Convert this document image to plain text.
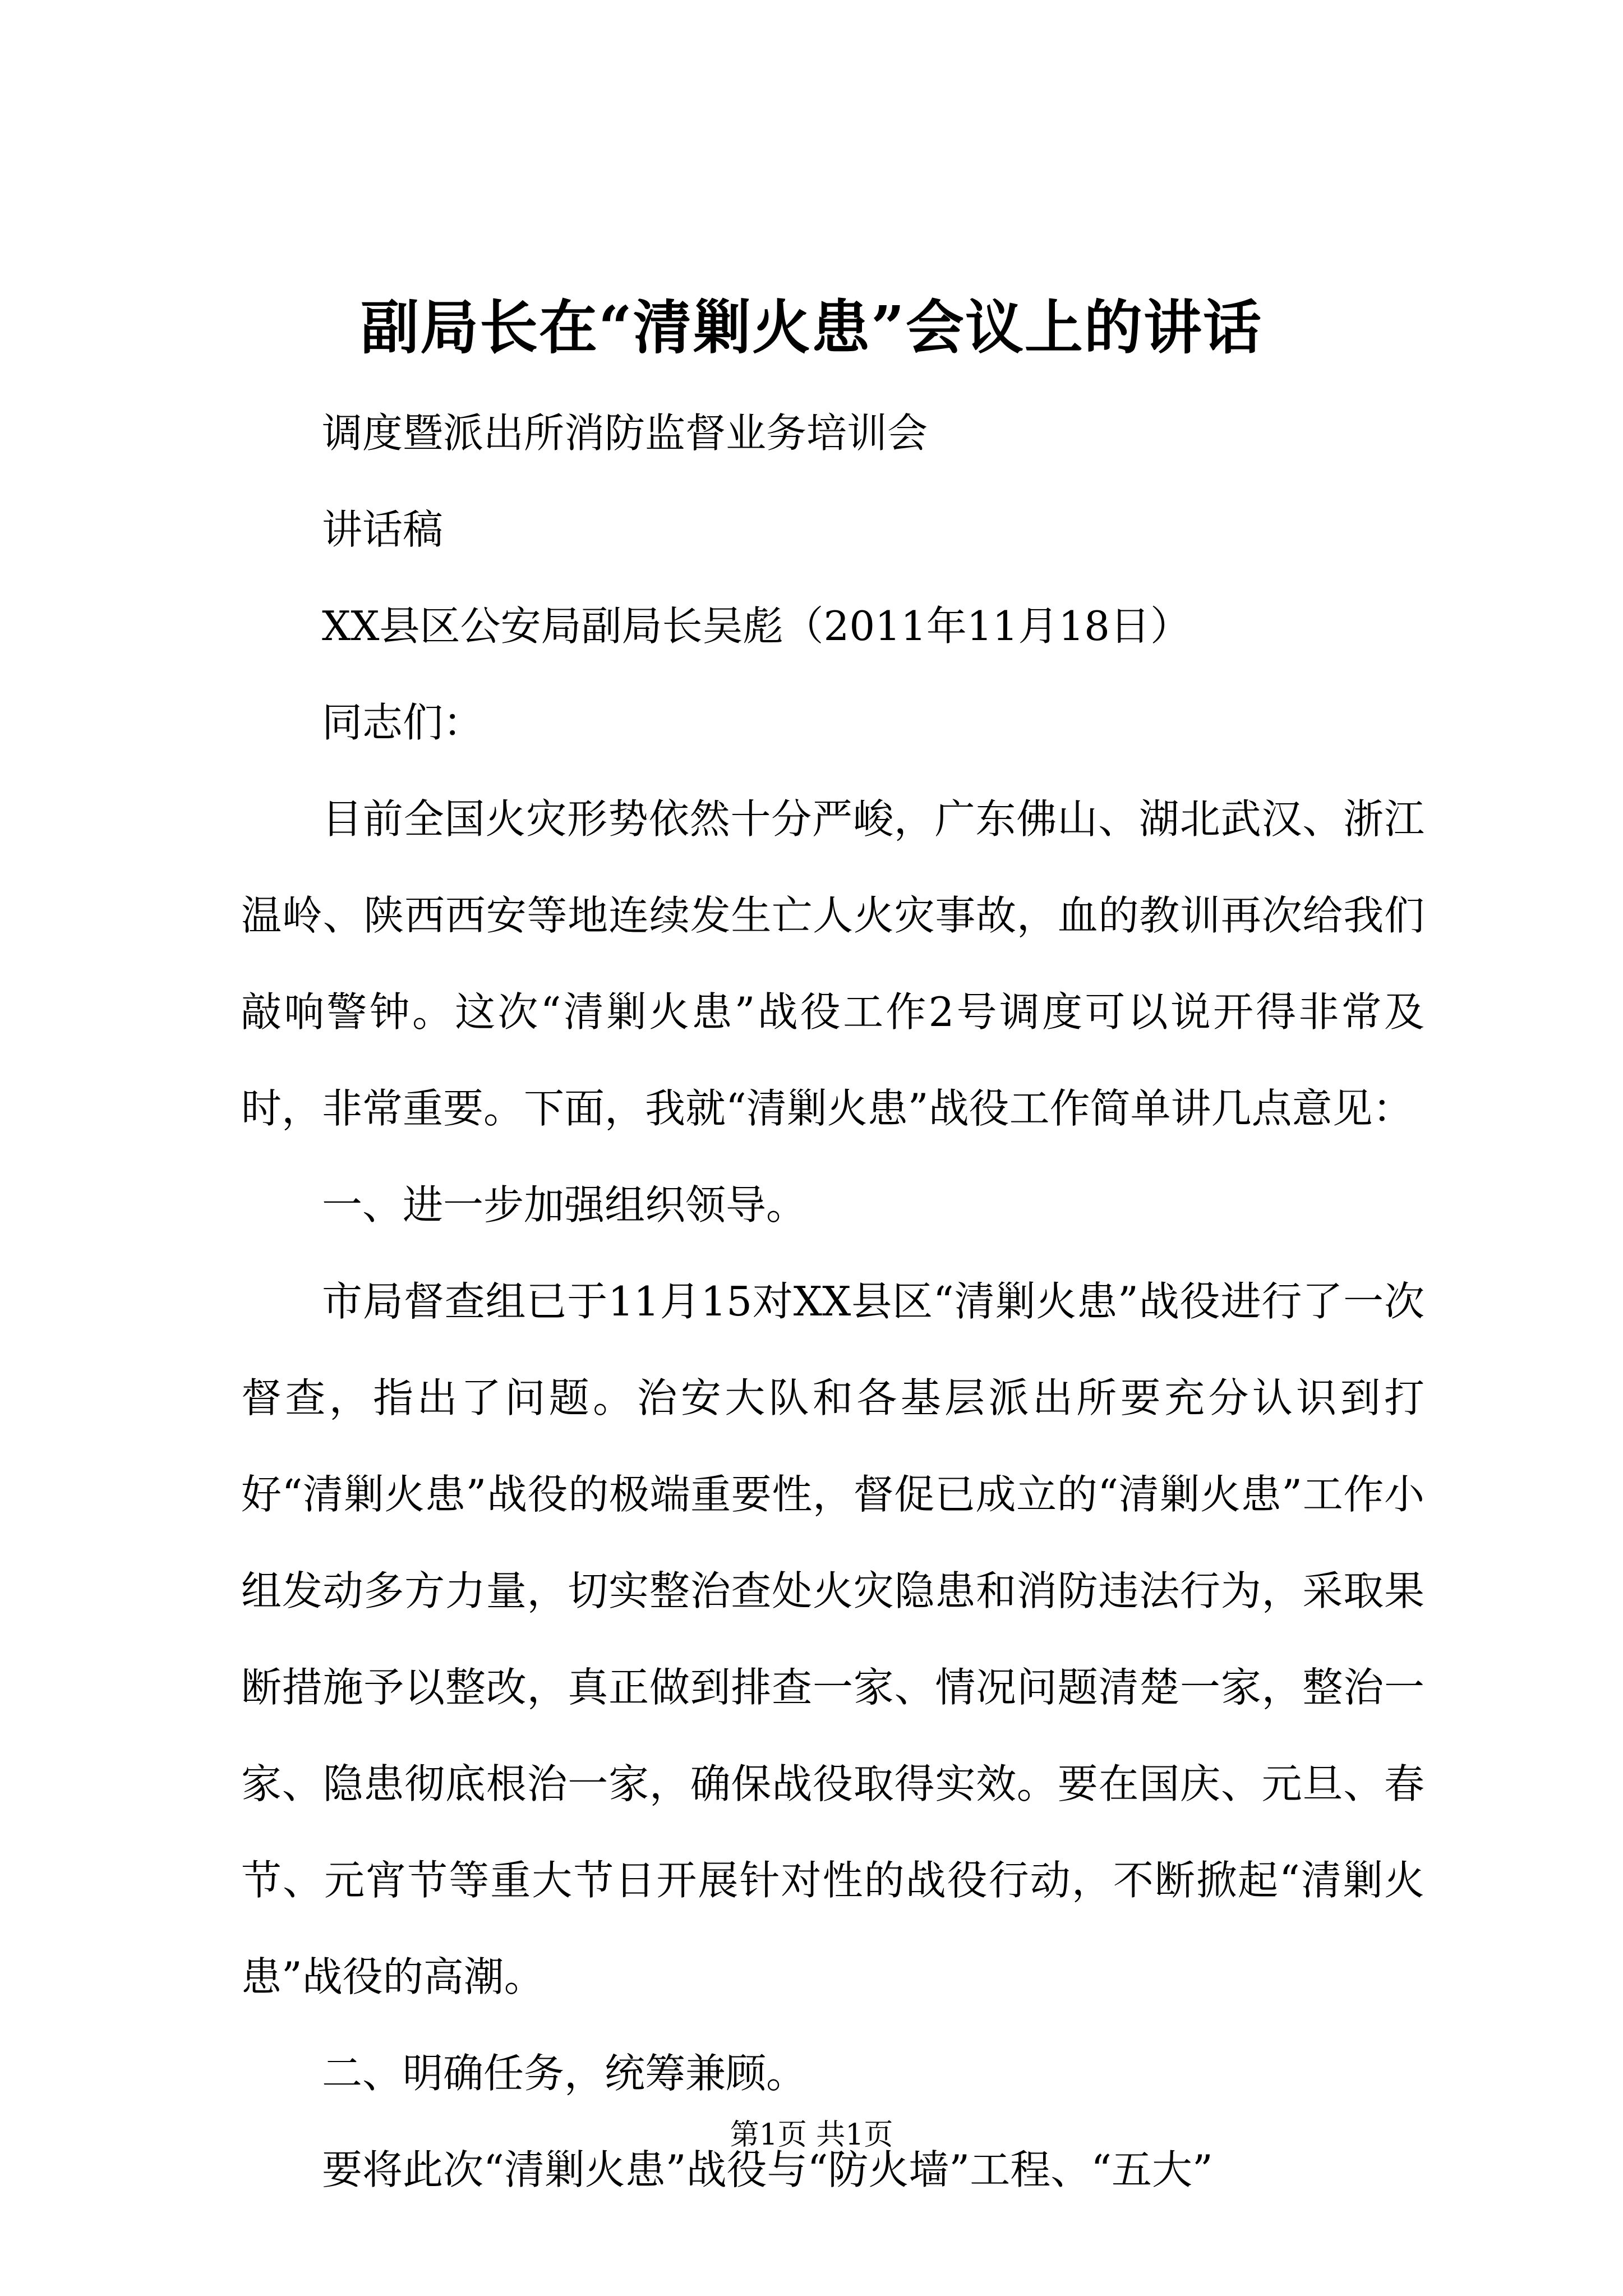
副局长在“清剿火患”会议上的讲话

调度暨派出所消防监督业务培训会

讲话稿

XX县区公安局副局长吴彪（2011年11月18日）

同志们：

目前全国火灾形势依然十分严峻，广东佛山、湖北武汉、浙江温岭、陕西西安等地连续发生亡人火灾事故，血的教训再次给我们敲响警钟。这次“清剿火患”战役工作2号调度可以说开得非常及时，非常重要。下面，我就“清剿火患”战役工作简单讲几点意见：

一、进一步加强组织领导。

市局督查组已于11月15对XX县区“清剿火患”战役进行了一次督查，指出了问题。治安大队和各基层派出所要充分认识到打好“清剿火患”战役的极端重要性，督促已成立的“清剿火患”工作小组发动多方力量，切实整治查处火灾隐患和消防违法行为，采取果断措施予以整改，真正做到排查一家、情况问题清楚一家，整治一家、隐患彻底根治一家，确保战役取得实效。要在国庆、元旦、春节、元宵节等重大节日开展针对性的战役行动，不断掀起“清剿火患”战役的高潮。

二、明确任务，统筹兼顾。

要将此次“清剿火患”战役与“防火墙”工程、“五大”

第1页 共1页
